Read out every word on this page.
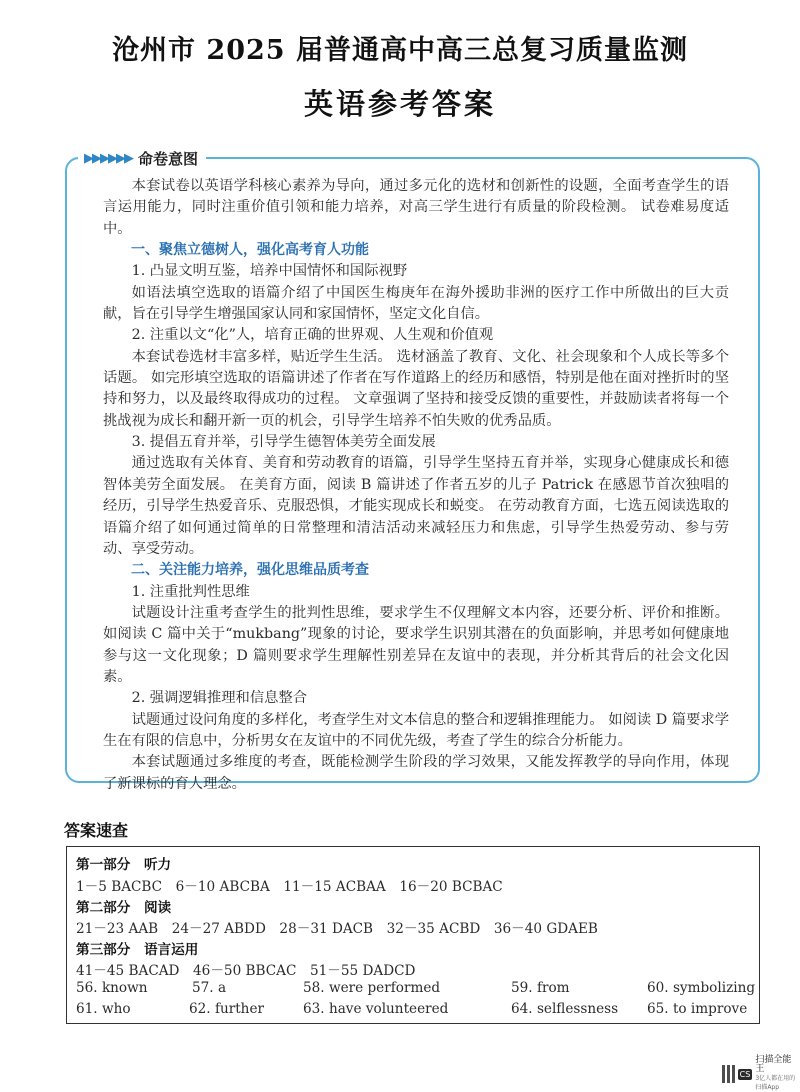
沧州市 2025 届普通高中高三总复习质量监测
英语参考答案
▶▶▶▶▶▶ 命卷意图

本套试卷以英语学科核心素养为导向，通过多元化的选材和创新性的设题，全面考查学生的语言运用能力，同时注重价值引领和能力培养，对高三学生进行有质量的阶段检测。 试卷难易度适中。

一、聚焦立德树人，强化高考育人功能

1. 凸显文明互鉴，培养中国情怀和国际视野

如语法填空选取的语篇介绍了中国医生梅庚年在海外援助非洲的医疗工作中所做出的巨大贡献，旨在引导学生增强国家认同和家国情怀，坚定文化自信。

2. 注重以文“化”人，培育正确的世界观、人生观和价值观

本套试卷选材丰富多样，贴近学生生活。 选材涵盖了教育、文化、社会现象和个人成长等多个话题。 如完形填空选取的语篇讲述了作者在写作道路上的经历和感悟，特别是他在面对挫折时的坚持和努力，以及最终取得成功的过程。 文章强调了坚持和接受反馈的重要性，并鼓励读者将每一个挑战视为成长和翻开新一页的机会，引导学生培养不怕失败的优秀品质。

3. 提倡五育并举，引导学生德智体美劳全面发展

通过选取有关体育、美育和劳动教育的语篇，引导学生坚持五育并举，实现身心健康成长和德智体美劳全面发展。 在美育方面，阅读 B 篇讲述了作者五岁的儿子 Patrick 在感恩节首次独唱的经历，引导学生热爱音乐、克服恐惧，才能实现成长和蜕变。 在劳动教育方面，七选五阅读选取的语篇介绍了如何通过简单的日常整理和清洁活动来减轻压力和焦虑，引导学生热爱劳动、参与劳动、享受劳动。

二、关注能力培养，强化思维品质考查

1. 注重批判性思维

试题设计注重考查学生的批判性思维，要求学生不仅理解文本内容，还要分析、评价和推断。 如阅读 C 篇中关于“mukbang”现象的讨论，要求学生识别其潜在的负面影响，并思考如何健康地参与这一文化现象；D 篇则要求学生理解性别差异在友谊中的表现，并分析其背后的社会文化因素。

2. 强调逻辑推理和信息整合

试题通过设问角度的多样化，考查学生对文本信息的整合和逻辑推理能力。 如阅读 D 篇要求学生在有限的信息中，分析男女在友谊中的不同优先级，考查了学生的综合分析能力。

本套试题通过多维度的考查，既能检测学生阶段的学习效果，又能发挥教学的导向作用，体现了新课标的育人理念。

答案速查
第一部分　听力
1－5 BACBC　6－10 ABCBA　11－15 ACBAA　16－20 BCBAC
第二部分　阅读
21－23 AAB　24－27 ABDD　28－31 DACB　32－35 ACBD　36－40 GDAEB
第三部分　语言运用
41－45 BACAD　46－50 BBCAC　51－55 DADCD
56. known	57. a	58. were performed	59. from	60. symbolizing
61. who	62. further	63. have volunteered	64. selflessness 65. to improve
CS
扫描全能王
3亿人都在用的扫描App
